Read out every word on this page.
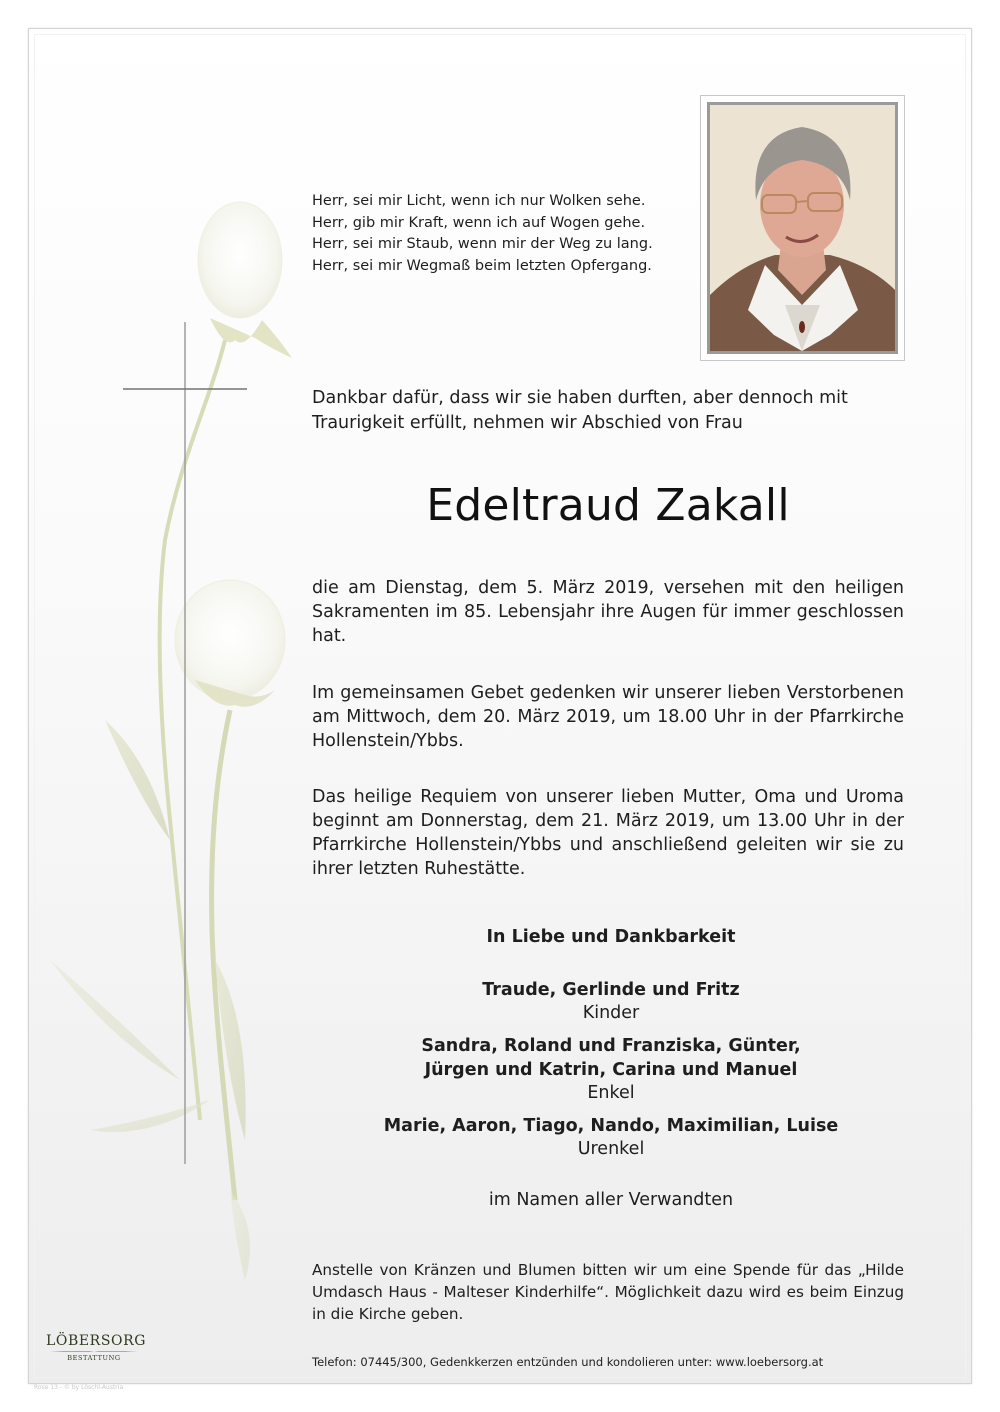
Herr, sei mir Licht, wenn ich nur Wolken sehe.
Herr, gib mir Kraft, wenn ich auf Wogen gehe.
Herr, sei mir Staub, wenn mir der Weg zu lang.
Herr, sei mir Wegmaß beim letzten Opfergang.
Dankbar dafür, dass wir sie haben durften, aber dennoch mit Traurigkeit erfüllt, nehmen wir Abschied von Frau
Edeltraud Zakall
die am Dienstag, dem 5. März 2019, versehen mit den heiligen Sakramenten im 85. Lebensjahr ihre Augen für immer geschlossen hat.
Im gemeinsamen Gebet gedenken wir unserer lieben Verstorbenen am Mittwoch, dem 20. März 2019, um 18.00 Uhr in der Pfarrkirche Hollenstein/Ybbs.
Das heilige Requiem von unserer lieben Mutter, Oma und Uroma beginnt am Donnerstag, dem 21. März 2019, um 13.00 Uhr in der Pfarrkirche Hollenstein/Ybbs und anschließend geleiten wir sie zu ihrer letzten Ruhestätte.
In Liebe und Dankbarkeit
Traude, Gerlinde und Fritz
Kinder
Sandra, Roland und Franziska, Günter,
Jürgen und Katrin, Carina und Manuel
Enkel
Marie, Aaron, Tiago, Nando, Maximilian, Luise
Urenkel
im Namen aller Verwandten
Anstelle von Kränzen und Blumen bitten wir um eine Spende für das „Hilde Umdasch Haus - Malteser Kinderhilfe“. Möglichkeit dazu wird es beim Einzug in die Kirche geben.
Telefon: 07445/300, Gedenkkerzen entzünden und kondolieren unter: www.loebersorg.at
LÖBERSORG
BESTATTUNG
Rose 13 - © by Löschl-Austria
